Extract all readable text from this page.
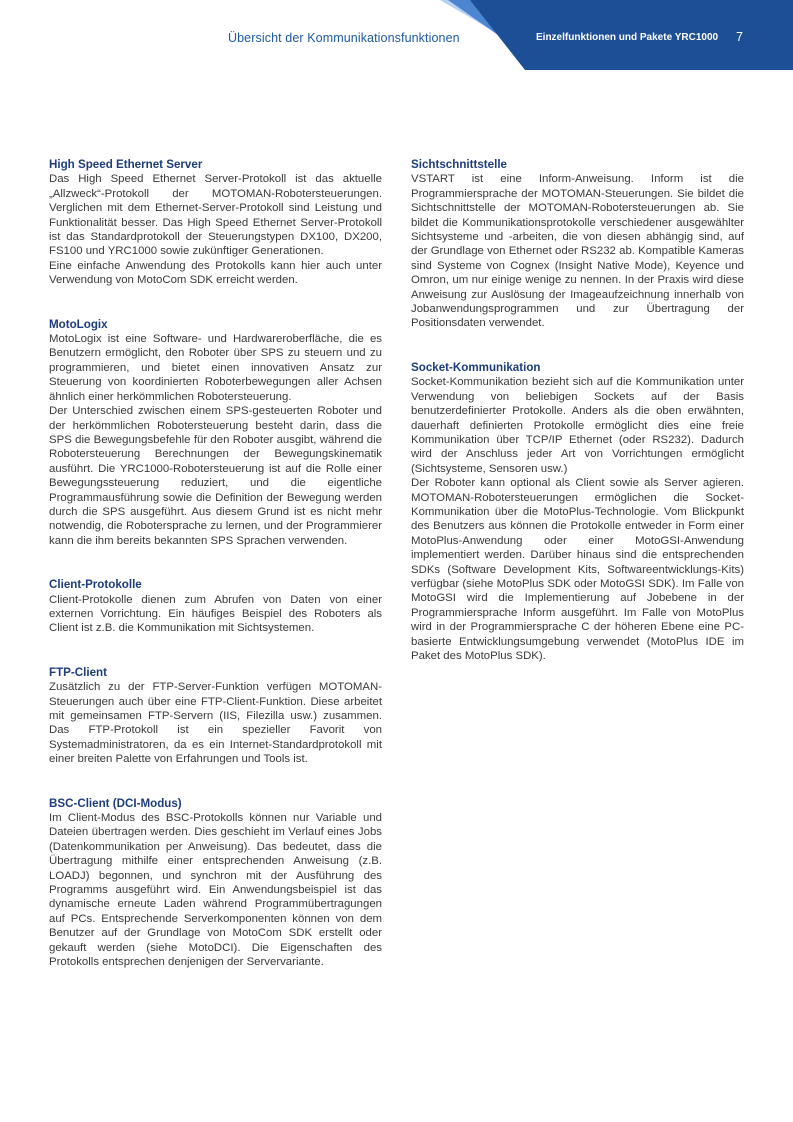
Übersicht der Kommunikationsfunktionen	Einzelfunktionen und Pakete YRC1000 7
High Speed Ethernet Server

Das High Speed Ethernet Server-Protokoll ist das aktuelle „Allzweck“-Protokoll der MOTOMAN-Robotersteuerungen. Verglichen mit dem Ethernet-Server-Protokoll sind Leistung und Funktionalität besser. Das High Speed Ethernet Server-Protokoll ist das Standardprotokoll der Steuerungstypen DX100, DX200, FS100 und YRC1000 sowie zukünftiger Generationen.

Eine einfache Anwendung des Protokolls kann hier auch unter Verwendung von MotoCom SDK erreicht werden.

MotoLogix

MotoLogix ist eine Software- und Hardwareroberfläche, die es Benutzern ermöglicht, den Roboter über SPS zu steuern und zu programmieren, und bietet einen innovativen Ansatz zur Steuerung von koordinierten Roboterbewegungen aller Achsen ähnlich einer herkömmlichen Robotersteuerung.

Der Unterschied zwischen einem SPS-gesteuerten Roboter und der herkömmlichen Robotersteuerung besteht darin, dass die SPS die Bewegungsbefehle für den Roboter ausgibt, während die Robotersteuerung Berechnungen der Bewegungskinematik ausführt. Die YRC1000-Robotersteuerung ist auf die Rolle einer Bewegungssteuerung reduziert, und die eigentliche Programmausführung sowie die Definition der Bewegung werden durch die SPS ausgeführt. Aus diesem Grund ist es nicht mehr notwendig, die Robotersprache zu lernen, und der Programmierer kann die ihm bereits bekannten SPS Sprachen verwenden.

Client-Protokolle

Client-Protokolle dienen zum Abrufen von Daten von einer externen Vorrichtung. Ein häufiges Beispiel des Roboters als Client ist z.B. die Kommunikation mit Sichtsystemen.

FTP-Client

Zusätzlich zu der FTP-Server-Funktion verfügen MOTOMAN-Steuerungen auch über eine FTP-Client-Funktion. Diese arbeitet mit gemeinsamen FTP-Servern (IIS, Filezilla usw.) zusammen. Das FTP-Protokoll ist ein spezieller Favorit von Systemadministratoren, da es ein Internet-Standardprotokoll mit einer breiten Palette von Erfahrungen und Tools ist.

BSC-Client (DCI-Modus)

Im Client-Modus des BSC-Protokolls können nur Variable und Dateien übertragen werden. Dies geschieht im Verlauf eines Jobs (Datenkommunikation per Anweisung). Das bedeutet, dass die Übertragung mithilfe einer entsprechenden Anweisung (z.B. LOADJ) begonnen, und synchron mit der Ausführung des Programms ausgeführt wird. Ein Anwendungsbeispiel ist das dynamische erneute Laden während Programmübertragungen auf PCs. Entsprechende Serverkomponenten können von dem Benutzer auf der Grundlage von MotoCom SDK erstellt oder gekauft werden (siehe MotoDCI). Die Eigenschaften des Protokolls entsprechen denjenigen der Servervariante.

Sichtschnittstelle

VSTART ist eine Inform-Anweisung. Inform ist die Programmiersprache der MOTOMAN-Steuerungen. Sie bildet die Sichtschnittstelle der MOTOMAN-Robotersteuerungen ab. Sie bildet die Kommunikationsprotokolle verschiedener ausgewählter Sichtsysteme und -arbeiten, die von diesen abhängig sind, auf der Grundlage von Ethernet oder RS232 ab. Kompatible Kameras sind Systeme von Cognex (Insight Native Mode), Keyence und Omron, um nur einige wenige zu nennen. In der Praxis wird diese Anweisung zur Auslösung der Imageaufzeichnung innerhalb von Jobanwendungsprogrammen und zur Übertragung der Positionsdaten verwendet.

Socket-Kommunikation

Socket-Kommunikation bezieht sich auf die Kommunikation unter Verwendung von beliebigen Sockets auf der Basis benutzerdefinierter Protokolle. Anders als die oben erwähnten, dauerhaft definierten Protokolle ermöglicht dies eine freie Kommunikation über TCP/IP Ethernet (oder RS232). Dadurch wird der Anschluss jeder Art von Vorrichtungen ermöglicht (Sichtsysteme, Sensoren usw.)

Der Roboter kann optional als Client sowie als Server agieren. MOTOMAN-Robotersteuerungen ermöglichen die Socket-Kommunikation über die MotoPlus-Technologie. Vom Blickpunkt des Benutzers aus können die Protokolle entweder in Form einer MotoPlus-Anwendung oder einer MotoGSI-Anwendung implementiert werden. Darüber hinaus sind die entsprechenden SDKs (Software Development Kits, Softwareentwicklungs-Kits) verfügbar (siehe MotoPlus SDK oder MotoGSI SDK). Im Falle von MotoGSI wird die Implementierung auf Jobebene in der Programmiersprache Inform ausgeführt. Im Falle von MotoPlus wird in der Programmiersprache C der höheren Ebene eine PC-basierte Entwicklungsumgebung verwendet (MotoPlus IDE im Paket des MotoPlus SDK).
